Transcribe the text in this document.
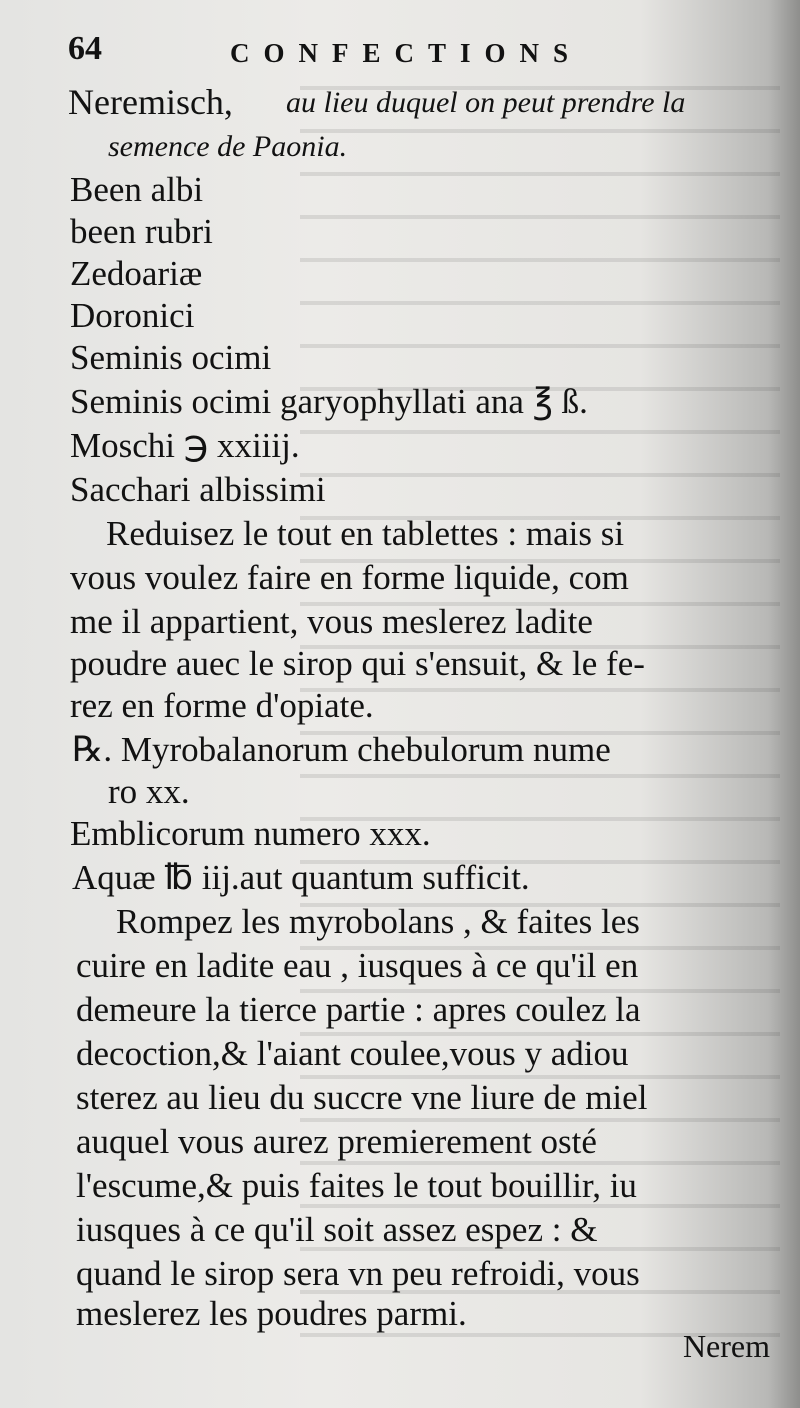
64	CONFECTIONS
Neremisch, au lieu duquel on peut prendre la
semence de Paonia.
Been albi
been rubri
Zedoariæ
Doronici
Seminis ocimi
Seminis ocimi garyophyllati ana ℥ ß.
Moschi ℈ xxiiij.
Sacchari albissimi
Reduisez le tout en tablettes : mais si
vous voulez faire en forme liquide, com
me il appartient, vous meslerez ladite
poudre auec le sirop qui s'ensuit, & le fe-
rez en forme d'opiate.
℞. Myrobalanorum chebulorum nume
ro xx.
Emblicorum numero xxx.
Aquæ ℔ iij.aut quantum sufficit.
Rompez les myrobolans , & faites les
cuire en ladite eau , iusques à ce qu'il en
demeure la tierce partie : apres coulez la
decoction,& l'aiant coulee,vous y adiou
sterez au lieu du succre vne liure de miel
auquel vous aurez premierement osté
l'escume,& puis faites le tout bouillir, iu
iusques à ce qu'il soit assez espez : &
quand le sirop sera vn peu refroidi, vous
meslerez les poudres parmi.
Nerem
